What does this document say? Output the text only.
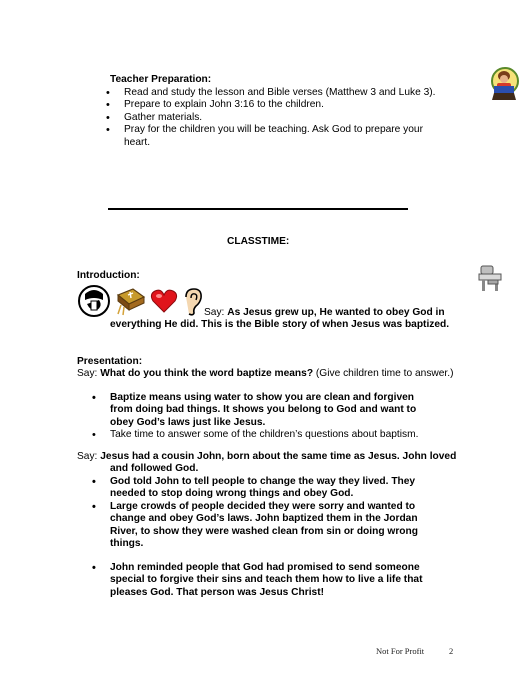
Teacher Preparation:
• Read and study the lesson and Bible verses (Matthew 3 and Luke 3).
• Prepare to explain John 3:16 to the children.
• Gather materials.
• Pray for the children you will be teaching. Ask God to prepare your heart.
CLASSTIME:
Introduction:
Say: As Jesus grew up, He wanted to obey God in everything He did. This is the Bible story of when Jesus was baptized.
Presentation:
Say: What do you think the word baptize means? (Give children time to answer.)
• Baptize means using water to show you are clean and forgiven from doing bad things. It shows you belong to God and want to obey God’s laws just like Jesus.
• Take time to answer some of the children’s questions about baptism.
Say: Jesus had a cousin John, born about the same time as Jesus. John loved and followed God.
• God told John to tell people to change the way they lived. They needed to stop doing wrong things and obey God.
• Large crowds of people decided they were sorry and wanted to change and obey God’s laws. John baptized them in the Jordan River, to show they were washed clean from sin or doing wrong things.
• John reminded people that God had promised to send someone special to forgive their sins and teach them how to live a life that pleases God. That person was Jesus Christ!
Not For Profit	2
